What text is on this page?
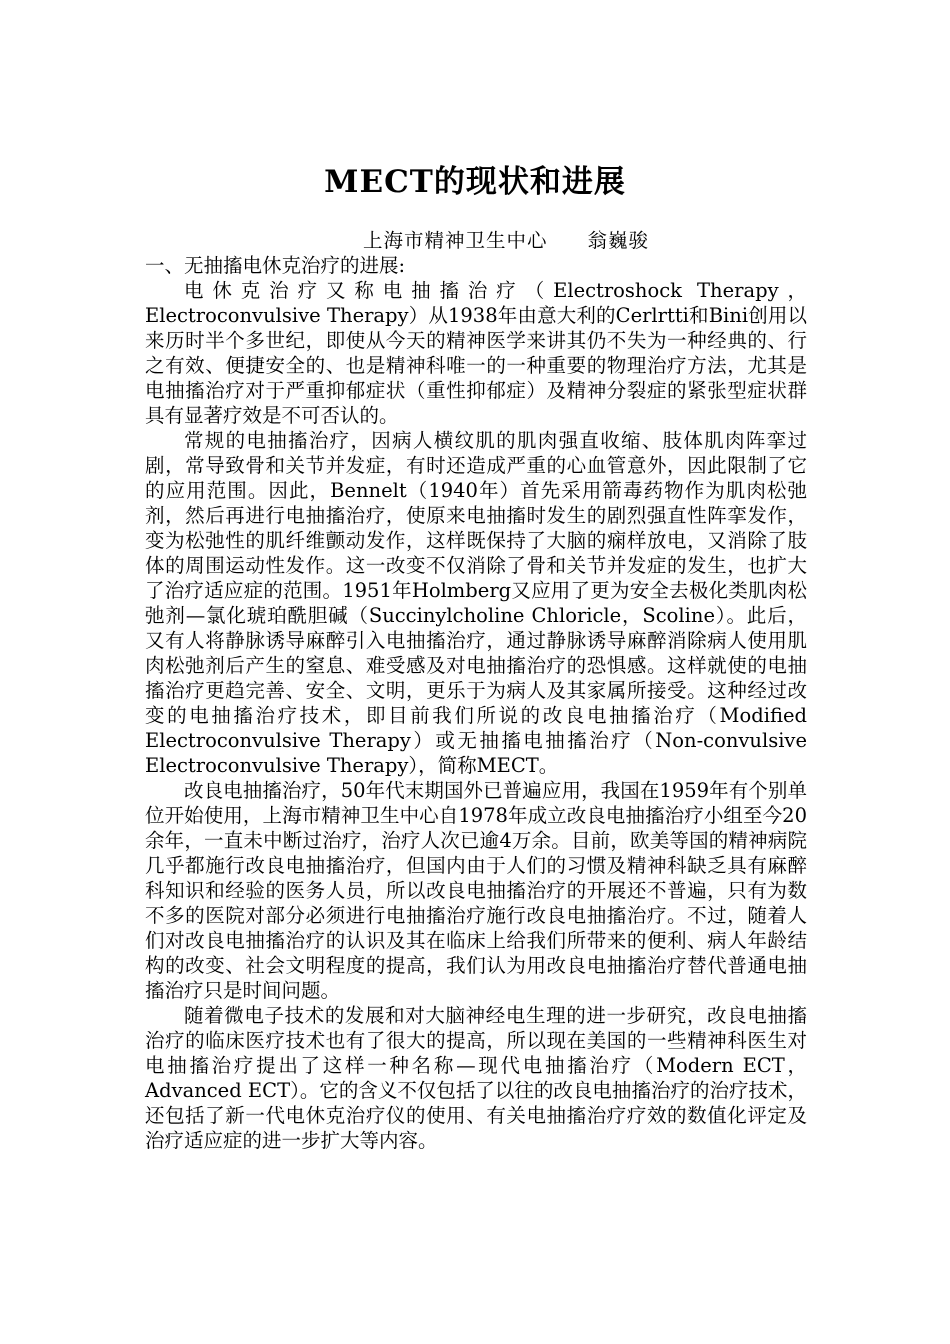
MECT的现状和进展
上海市精神卫生中心 翁巍骏
一、无抽搐电休克治疗的进展:

电休克治疗又称电抽搐治疗（Electroshock Therapy，Electroconvulsive Therapy）从1938年由意大利的Cerlrtti和Bini创用以来历时半个多世纪，即使从今天的精神医学来讲其仍不失为一种经典的、行之有效、便捷安全的、也是精神科唯一的一种重要的物理治疗方法，尤其是电抽搐治疗对于严重抑郁症状（重性抑郁症）及精神分裂症的紧张型症状群具有显著疗效是不可否认的。

常规的电抽搐治疗，因病人横纹肌的肌肉强直收缩、肢体肌肉阵挛过剧，常导致骨和关节并发症，有时还造成严重的心血管意外，因此限制了它的应用范围。因此，Bennelt（1940年）首先采用箭毒药物作为肌肉松弛剂，然后再进行电抽搐治疗，使原来电抽搐时发生的剧烈强直性阵挛发作，变为松弛性的肌纤维颤动发作，这样既保持了大脑的痫样放电，又消除了肢体的周围运动性发作。这一改变不仅消除了骨和关节并发症的发生，也扩大了治疗适应症的范围。1951年Holmberg又应用了更为安全去极化类肌肉松弛剂—氯化琥珀酰胆碱（Succinylcholine Chloricle，Scoline）。此后，又有人将静脉诱导麻醉引入电抽搐治疗，通过静脉诱导麻醉消除病人使用肌肉松弛剂后产生的窒息、难受感及对电抽搐治疗的恐惧感。这样就使的电抽搐治疗更趋完善、安全、文明，更乐于为病人及其家属所接受。这种经过改变的电抽搐治疗技术，即目前我们所说的改良电抽搐治疗（Modified Electroconvulsive Therapy）或无抽搐电抽搐治疗（Non-convulsive Electroconvulsive Therapy），简称MECT。

改良电抽搐治疗，50年代末期国外已普遍应用，我国在1959年有个别单位开始使用，上海市精神卫生中心自1978年成立改良电抽搐治疗小组至今20余年，一直未中断过治疗，治疗人次已逾4万余。目前，欧美等国的精神病院几乎都施行改良电抽搐治疗，但国内由于人们的习惯及精神科缺乏具有麻醉科知识和经验的医务人员，所以改良电抽搐治疗的开展还不普遍，只有为数不多的医院对部分必须进行电抽搐治疗施行改良电抽搐治疗。不过，随着人们对改良电抽搐治疗的认识及其在临床上给我们所带来的便利、病人年龄结构的改变、社会文明程度的提高，我们认为用改良电抽搐治疗替代普通电抽搐治疗只是时间问题。

随着微电子技术的发展和对大脑神经电生理的进一步研究，改良电抽搐治疗的临床医疗技术也有了很大的提高，所以现在美国的一些精神科医生对电抽搐治疗提出了这样一种名称—现代电抽搐治疗（Modern ECT，Advanced ECT）。它的含义不仅包括了以往的改良电抽搐治疗的治疗技术，还包括了新一代电休克治疗仪的使用、有关电抽搐治疗疗效的数值化评定及治疗适应症的进一步扩大等内容。
